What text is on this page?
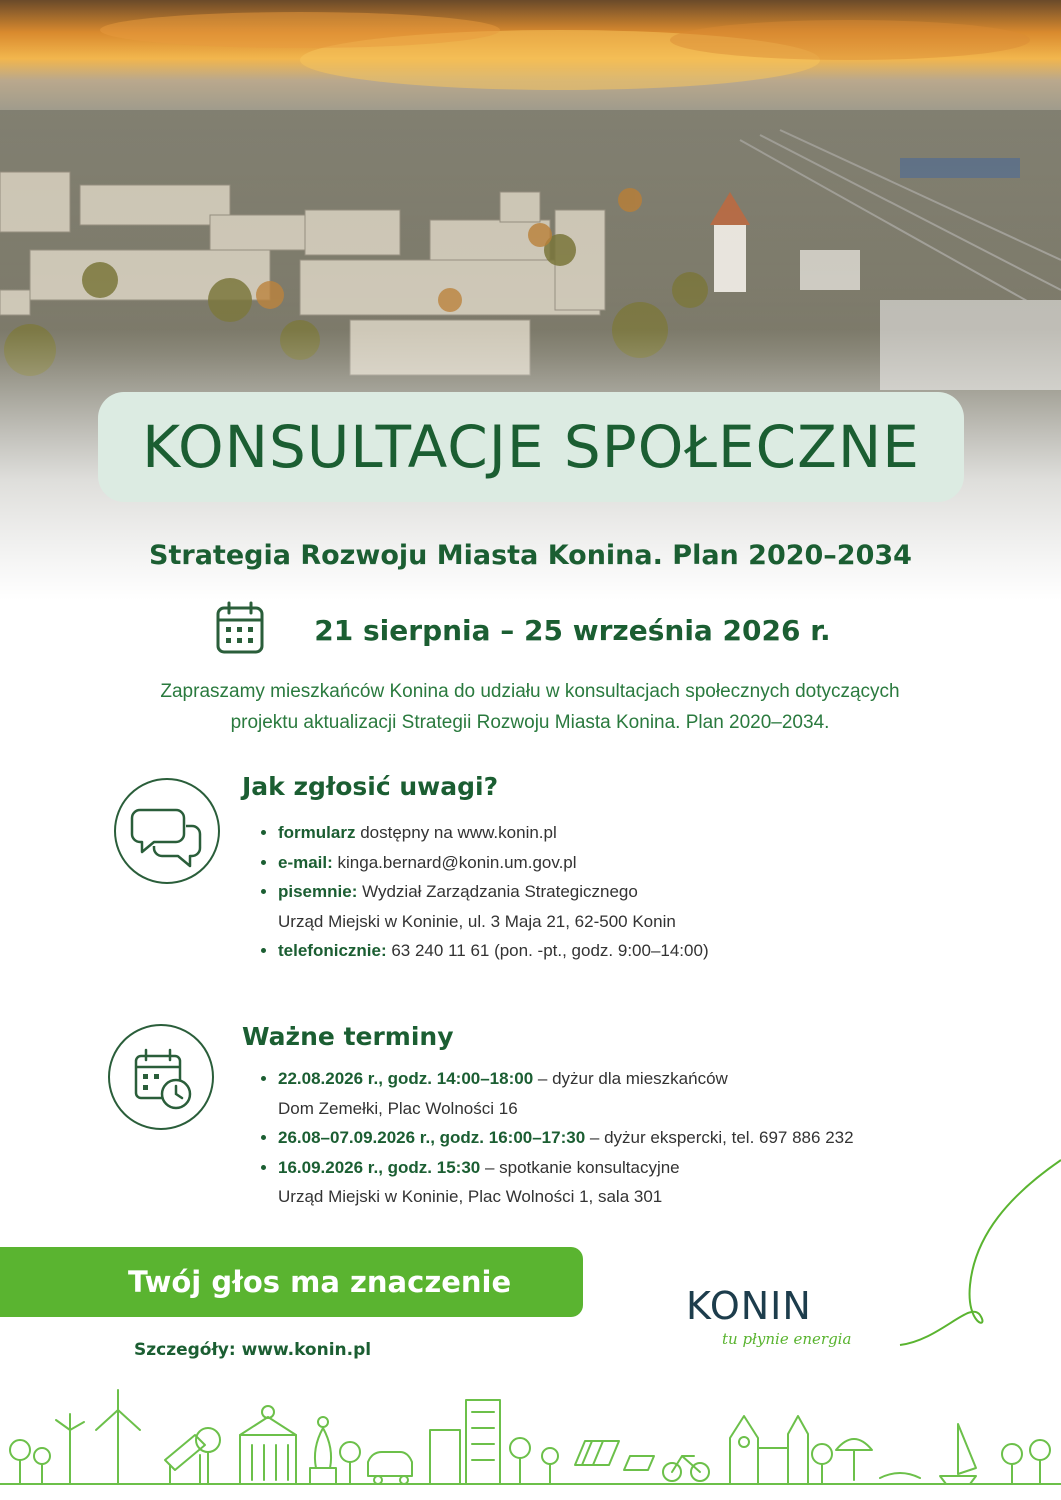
KONSULTACJE SPOŁECZNE
Strategia Rozwoju Miasta Konina. Plan 2020–2034
21 sierpnia – 25 września 2026 r.
Zapraszamy mieszkańców Konina do udziału w konsultacjach społecznych dotyczących
projektu aktualizacji Strategii Rozwoju Miasta Konina. Plan 2020–2034.
Jak zgłosić uwagi?
• formularz dostępny na www.konin.pl
• e-mail: kinga.bernard@konin.um.gov.pl
• pisemnie: Wydział Zarządzania Strategicznego
Urząd Miejski w Koninie, ul. 3 Maja 21, 62-500 Konin
• telefonicznie: 63 240 11 61 (pon. -pt., godz. 9:00–14:00)
Ważne terminy
• 22.08.2026 r., godz. 14:00–18:00 – dyżur dla mieszkańców
Dom Zemełki, Plac Wolności 16
• 26.08–07.09.2026 r., godz. 16:00–17:30 – dyżur ekspercki, tel. 697 886 232
• 16.09.2026 r., godz. 15:30 – spotkanie konsultacyjne
Urząd Miejski w Koninie, Plac Wolności 1, sala 301
Twój głos ma znaczenie
Szczegóły: www.konin.pl
KONIN
tu płynie energia
